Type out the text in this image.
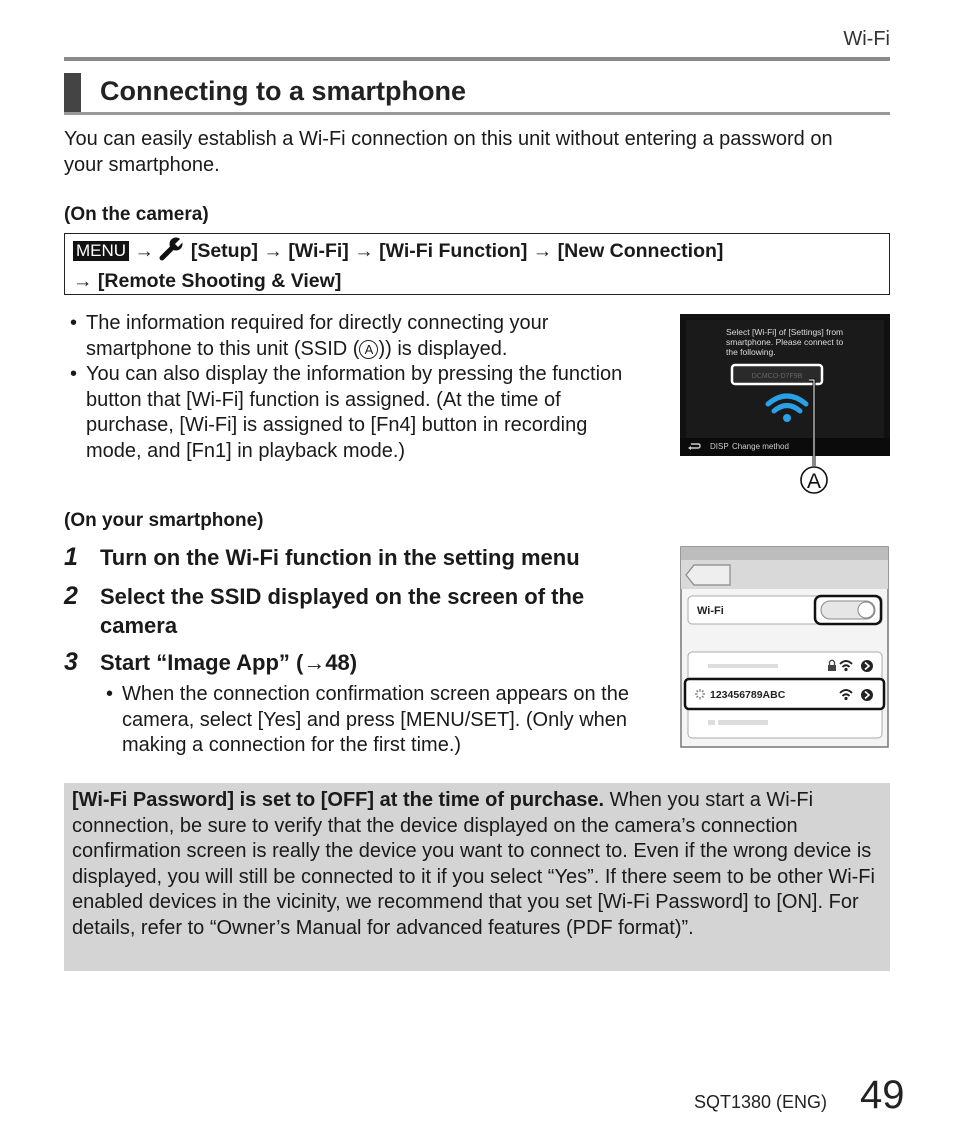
Wi-Fi
Connecting to a smartphone
You can easily establish a Wi-Fi connection on this unit without entering a password on your smartphone.
(On the camera)
MENU → [Setup] → [Wi-Fi] → [Wi-Fi Function] → [New Connection]
→ [Remote Shooting & View]
• The information required for directly connecting your smartphone to this unit (SSID ( A )) is displayed.
• You can also display the information by pressing the function button that [Wi-Fi] function is assigned. (At the time of purchase, [Wi-Fi] is assigned to [Fn4] button in recording mode, and [Fn1] in playback mode.)
Select [Wi-Fi] of [Settings] from
smartphone. Please connect to
the following.
DCMCO-D7F9B
DISP Change method
A
(On your smartphone)
1 Turn on the Wi-Fi function in the setting menu
2 Select the SSID displayed on the screen of the camera
3 Start “Image App” (→48)
• When the connection confirmation screen appears on the camera, select [Yes] and press [MENU/SET]. (Only when making a connection for the first time.)
Wi-Fi
123456789ABC
[Wi-Fi Password] is set to [OFF] at the time of purchase. When you start a Wi-Fi connection, be sure to verify that the device displayed on the camera’s connection confirmation screen is really the device you want to connect to. Even if the wrong device is displayed, you will still be connected to it if you select “Yes”. If there seem to be other Wi-Fi enabled devices in the vicinity, we recommend that you set [Wi-Fi Password] to [ON]. For details, refer to “Owner’s Manual for advanced features (PDF format)”.
SQT1380 (ENG) 49
